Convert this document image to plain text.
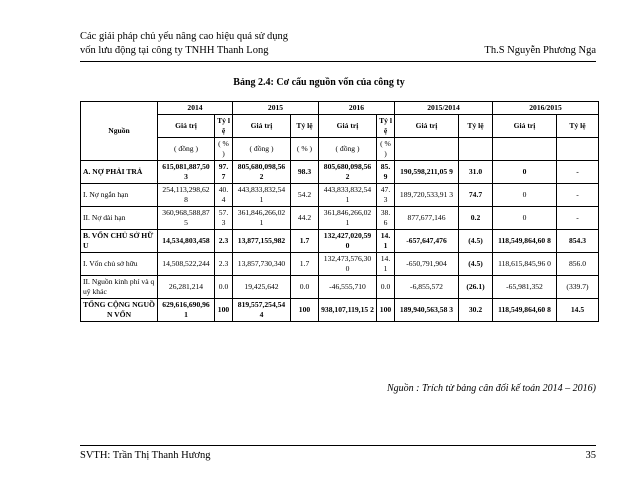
Các giải pháp chủ yếu nâng cao hiệu quả sử dụng
vốn lưu động tại công ty TNHH Thanh Long	Th.S Nguyễn Phương Nga
Bảng 2.4: Cơ cấu nguồn vốn của công ty
Nguồn	2014		2015		2016		2015/2014		2016/2015	
	Giá trị	Tỷ lệ	Giá trị	Tỷ lệ	Giá trị	Tỷ lệ	Giá trị	Tỷ lệ	Giá trị	Tỷ lệ
	( đồng )	( % )	( đồng )	( % )	( đồng )	( % )				
A. NỢ PHẢI TRẢ	615,081,887,50 3	97.7	805,680,098,56 2	98.3	805,680,098,56 2	85. 9	190,598,211,05 9	31.0	0	-
I. Nợ ngắn hạn	254,113,298,62 8	40.4	443,833,832,54 1	54.2	443,833,832,54 1	47. 3	189,720,533,91 3	74.7	0	-
II. Nợ dài hạn	360,968,588,87 5	57.3	361,846,266,02 1	44.2	361,846,266,02 1	38. 6	877,677,146	0.2	0	-
B. VỐN CHỦ SỞ HỮU	14,534,803,458	2.3	13,877,155,982	1.7	132,427,020,59 0	14. 1	-657,647,476	(4.5)	118,549,864,60 8	854.3
I. Vốn chủ sở hữu	14,508,522,244	2.3	13,857,730,340	1.7	132,473,576,30 0	14. 1	-650,791,904	(4.5)	118,615,845,96 0	856.0
II. Nguồn kinh phí và quỹ khác	26,281,214	0.0	19,425,642	0.0	-46,555,710	0.0	-6,855,572	(26.1)	-65,981,352	(339.7)
TỔNG CỘNG NGUỒN VỐN	629,616,690,96 1	100	819,557,254,54 4	100	938,107,119,15 2	100	189,940,563,58 3	30.2	118,549,864,60 8	14.5
Nguồn : Trích từ bảng cân đối kế toán 2014 – 2016)
SVTH: Trần Thị Thanh Hương	35
